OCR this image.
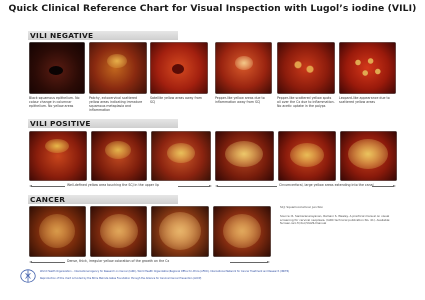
Quick Clinical Reference Chart for Visual Inspection with Lugol’s iodine (VILI)
VILI NEGATIVE
Black squamous epithelium. No colour change in columnar epithelium. No yellow areas
Patchy, ectocervical scattered yellow areas indicating immature squamous metaplasia and inflammation
Satellite yellow areas away from SCJ
Pepper-like yellow areas due to inflammation away from SCJ
Pepper-like scattered yellow spots all over the Cx due to inflammation. No acetic uptake in the polyps
Leopard-like appearance due to scattered yellow areas
VILI POSITIVE
Well-defined yellow area touching the SCJ in the upper lip	Circumcerforal, large yellow areas extending into the canal
CANCER
Dense, thick, irregular yellow coloration of the growth on the Cx
SCJ: Squamocolumnar junction
Source: R. Sankaranarayanan, Ramani S. Wesley. A practical manual on visual screening for cervical neoplasia. (IARC technical publication No. 41). Available: fscreen.iarc.fr/doc/VIAVILImanual
World Health Organization – International Agency for Research on Cancer (IARC), World Health Organization/Regional Office for Africa (AFRO), International Network for Cancer Treatment and Research (INCTR)
Reproduction of this chart is funded by the Bill & Melinda Gates Foundation through the Alliance for Cervical Cancer Prevention (ACCP)
